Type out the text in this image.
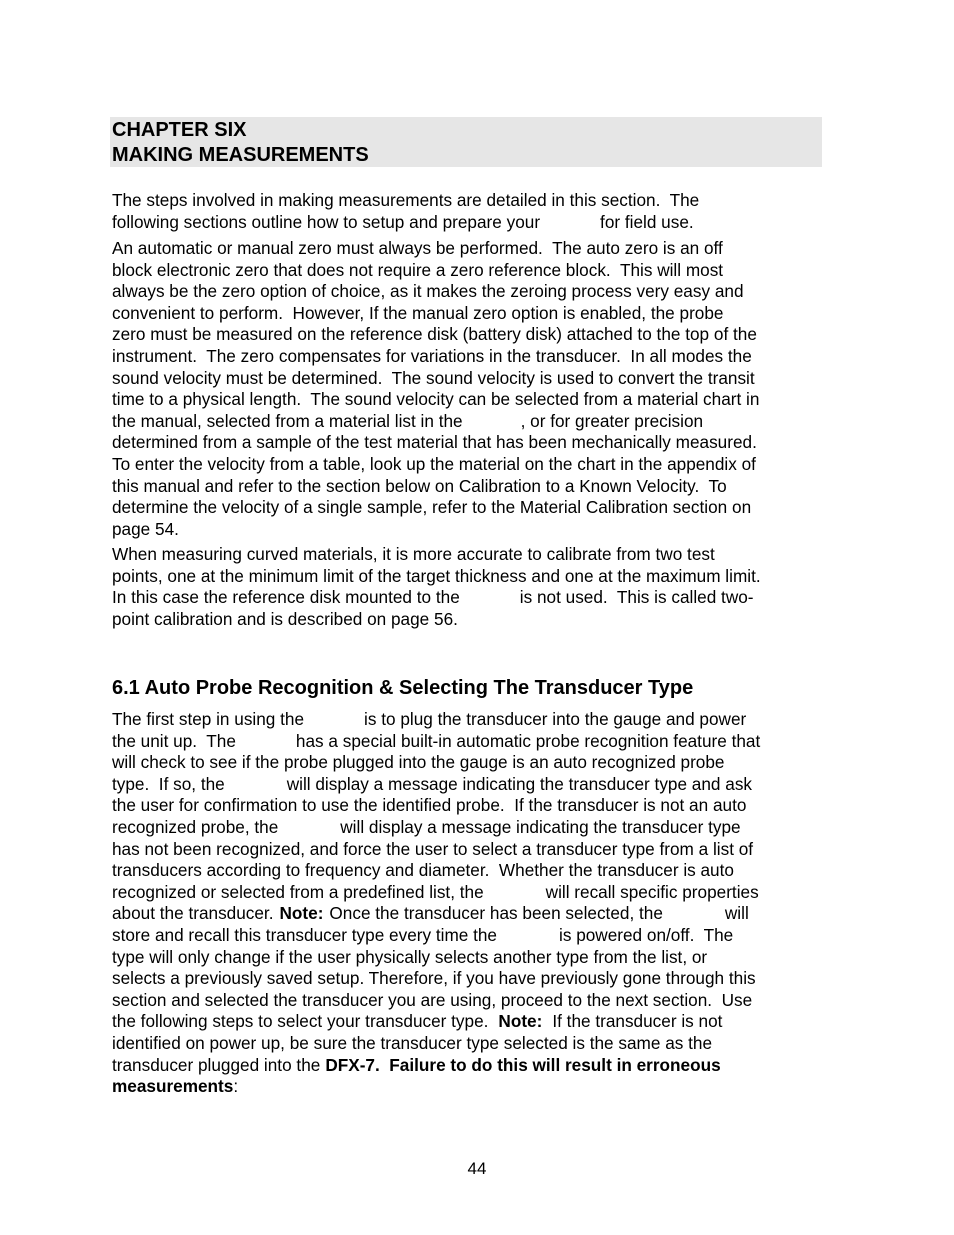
CHAPTER SIX
MAKING MEASUREMENTS
The steps involved in making measurements are detailed in this section.  The
following sections outline how to setup and prepare your	for field use.
An automatic or manual zero must always be performed.  The auto zero is an off
block electronic zero that does not require a zero reference block.  This will most
always be the zero option of choice, as it makes the zeroing process very easy and
convenient to perform.  However, If the manual zero option is enabled, the probe
zero must be measured on the reference disk (battery disk) attached to the top of the
instrument.  The zero compensates for variations in the transducer.  In all modes the
sound velocity must be determined.  The sound velocity is used to convert the transit
time to a physical length.  The sound velocity can be selected from a material chart in
the manual, selected from a material list in the	, or for greater precision
determined from a sample of the test material that has been mechanically measured.
To enter the velocity from a table, look up the material on the chart in the appendix of
this manual and refer to the section below on Calibration to a Known Velocity.  To
determine the velocity of a single sample, refer to the Material Calibration section on
page 54.
When measuring curved materials, it is more accurate to calibrate from two test
points, one at the minimum limit of the target thickness and one at the maximum limit.
In this case the reference disk mounted to the	is not used.  This is called two-
point calibration and is described on page 56.
6.1 Auto Probe Recognition & Selecting The Transducer Type
The first step in using the	is to plug the transducer into the gauge and power
the unit up.  The	has a special built-in automatic probe recognition feature that
will check to see if the probe plugged into the gauge is an auto recognized probe
type.  If so, the	will display a message indicating the transducer type and ask
the user for confirmation to use the identified probe.  If the transducer is not an auto
recognized probe, the	will display a message indicating the transducer type
has not been recognized, and force the user to select a transducer type from a list of
transducers according to frequency and diameter.  Whether the transducer is auto
recognized or selected from a predefined list, the	will recall specific properties
about the transducer. Note: Once the transducer has been selected, the	will
store and recall this transducer type every time the	is powered on/off.  The
type will only change if the user physically selects another type from the list, or
selects a previously saved setup. Therefore, if you have previously gone through this
section and selected the transducer you are using, proceed to the next section.  Use
the following steps to select your transducer type. Note: If the transducer is not
identified on power up, be sure the transducer type selected is the same as the
transducer plugged into the DFX-7.  Failure to do this will result in erroneous
measurements:
44
